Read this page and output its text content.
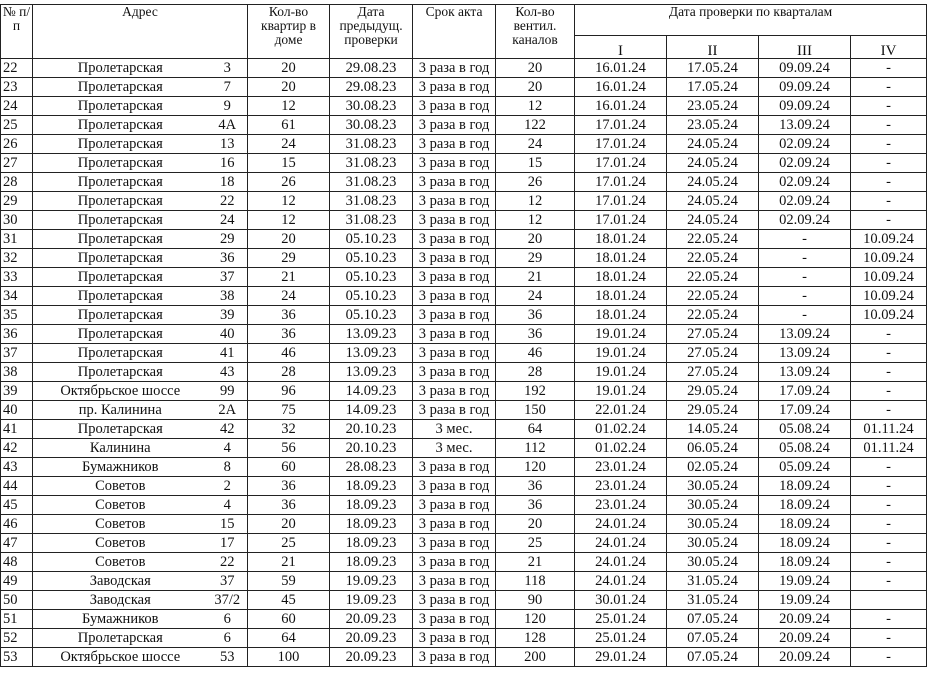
№ п/п	Адрес		Кол-во квартир в доме	Дата предыдущ. проверки	Срок акта	Кол-во вентил. каналов	Дата проверки по кварталам			
							I	II	III	IV
22	Пролетарская	3	20	29.08.23	3 раза в год	20	16.01.24	17.05.24	09.09.24	-
23	Пролетарская	7	20	29.08.23	3 раза в год	20	16.01.24	17.05.24	09.09.24	-
24	Пролетарская	9	12	30.08.23	3 раза в год	12	16.01.24	23.05.24	09.09.24	-
25	Пролетарская	4А	61	30.08.23	3 раза в год	122	17.01.24	23.05.24	13.09.24	-
26	Пролетарская	13	24	31.08.23	3 раза в год	24	17.01.24	24.05.24	02.09.24	-
27	Пролетарская	16	15	31.08.23	3 раза в год	15	17.01.24	24.05.24	02.09.24	-
28	Пролетарская	18	26	31.08.23	3 раза в год	26	17.01.24	24.05.24	02.09.24	-
29	Пролетарская	22	12	31.08.23	3 раза в год	12	17.01.24	24.05.24	02.09.24	-
30	Пролетарская	24	12	31.08.23	3 раза в год	12	17.01.24	24.05.24	02.09.24	-
31	Пролетарская	29	20	05.10.23	3 раза в год	20	18.01.24	22.05.24	-	10.09.24
32	Пролетарская	36	29	05.10.23	3 раза в год	29	18.01.24	22.05.24	-	10.09.24
33	Пролетарская	37	21	05.10.23	3 раза в год	21	18.01.24	22.05.24	-	10.09.24
34	Пролетарская	38	24	05.10.23	3 раза в год	24	18.01.24	22.05.24	-	10.09.24
35	Пролетарская	39	36	05.10.23	3 раза в год	36	18.01.24	22.05.24	-	10.09.24
36	Пролетарская	40	36	13.09.23	3 раза в год	36	19.01.24	27.05.24	13.09.24	-
37	Пролетарская	41	46	13.09.23	3 раза в год	46	19.01.24	27.05.24	13.09.24	-
38	Пролетарская	43	28	13.09.23	3 раза в год	28	19.01.24	27.05.24	13.09.24	-
39	Октябрьское шоссе	99	96	14.09.23	3 раза в год	192	19.01.24	29.05.24	17.09.24	-
40	пр. Калинина	2А	75	14.09.23	3 раза в год	150	22.01.24	29.05.24	17.09.24	-
41	Пролетарская	42	32	20.10.23	3 мес.	64	01.02.24	14.05.24	05.08.24	01.11.24
42	Калинина	4	56	20.10.23	3 мес.	112	01.02.24	06.05.24	05.08.24	01.11.24
43	Бумажников	8	60	28.08.23	3 раза в год	120	23.01.24	02.05.24	05.09.24	-
44	Советов	2	36	18.09.23	3 раза в год	36	23.01.24	30.05.24	18.09.24	-
45	Советов	4	36	18.09.23	3 раза в год	36	23.01.24	30.05.24	18.09.24	-
46	Советов	15	20	18.09.23	3 раза в год	20	24.01.24	30.05.24	18.09.24	-
47	Советов	17	25	18.09.23	3 раза в год	25	24.01.24	30.05.24	18.09.24	-
48	Советов	22	21	18.09.23	3 раза в год	21	24.01.24	30.05.24	18.09.24	-
49	Заводская	37	59	19.09.23	3 раза в год	118	24.01.24	31.05.24	19.09.24	-
50	Заводская	37/2	45	19.09.23	3 раза в год	90	30.01.24	31.05.24	19.09.24	
51	Бумажников	6	60	20.09.23	3 раза в год	120	25.01.24	07.05.24	20.09.24	-
52	Пролетарская	6	64	20.09.23	3 раза в год	128	25.01.24	07.05.24	20.09.24	-
53	Октябрьское шоссе	53	100	20.09.23	3 раза в год	200	29.01.24	07.05.24	20.09.24	-
